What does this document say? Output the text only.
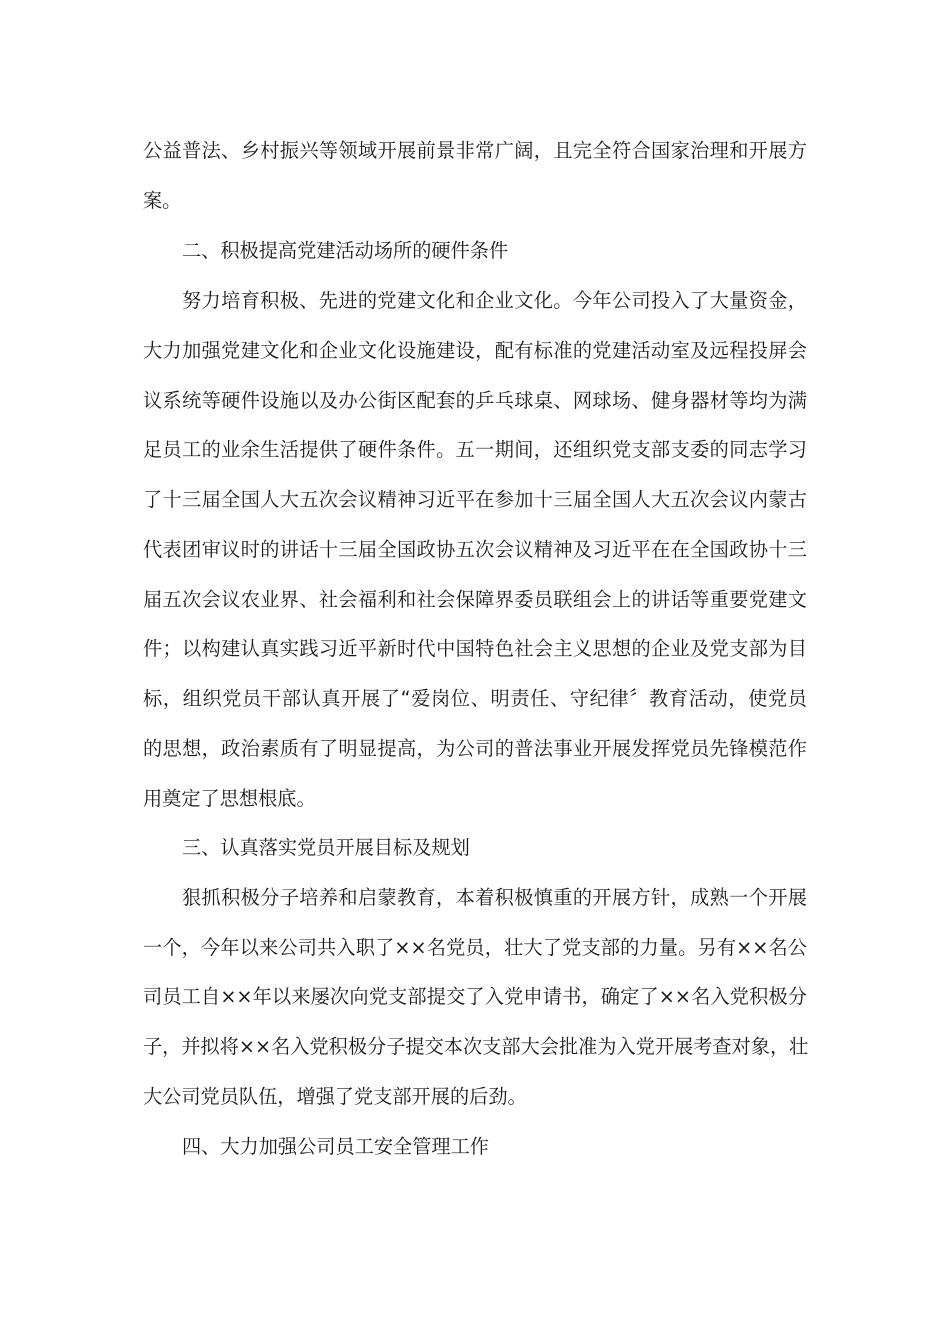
公益普法、乡村振兴等领域开展前景非常广阔，且完全符合国家治理和开展方
案。
二、积极提高党建活动场所的硬件条件
努力培育积极、先进的党建文化和企业文化。今年公司投入了大量资金，
大力加强党建文化和企业文化设施建设，配有标准的党建活动室及远程投屏会
议系统等硬件设施以及办公街区配套的乒乓球桌、网球场、健身器材等均为满
足员工的业余生活提供了硬件条件。五一期间，还组织党支部支委的同志学习
了十三届全国人大五次会议精神习近平在参加十三届全国人大五次会议内蒙古
代表团审议时的讲话十三届全国政协五次会议精神及习近平在在全国政协十三
届五次会议农业界、社会福利和社会保障界委员联组会上的讲话等重要党建文
件；以构建认真实践习近平新时代中国特色社会主义思想的企业及党支部为目
标，组织党员干部认真开展了“爱岗位、明责任、守纪律〞教育活动，使党员
的思想，政治素质有了明显提高，为公司的普法事业开展发挥党员先锋模范作
用奠定了思想根底。
三、认真落实党员开展目标及规划
狠抓积极分子培养和启蒙教育，本着积极慎重的开展方针，成熟一个开展
一个，今年以来公司共入职了××名党员，壮大了党支部的力量。另有××名公
司员工自××年以来屡次向党支部提交了入党申请书，确定了××名入党积极分
子，并拟将××名入党积极分子提交本次支部大会批准为入党开展考查对象，壮
大公司党员队伍，增强了党支部开展的后劲。
四、大力加强公司员工安全管理工作
